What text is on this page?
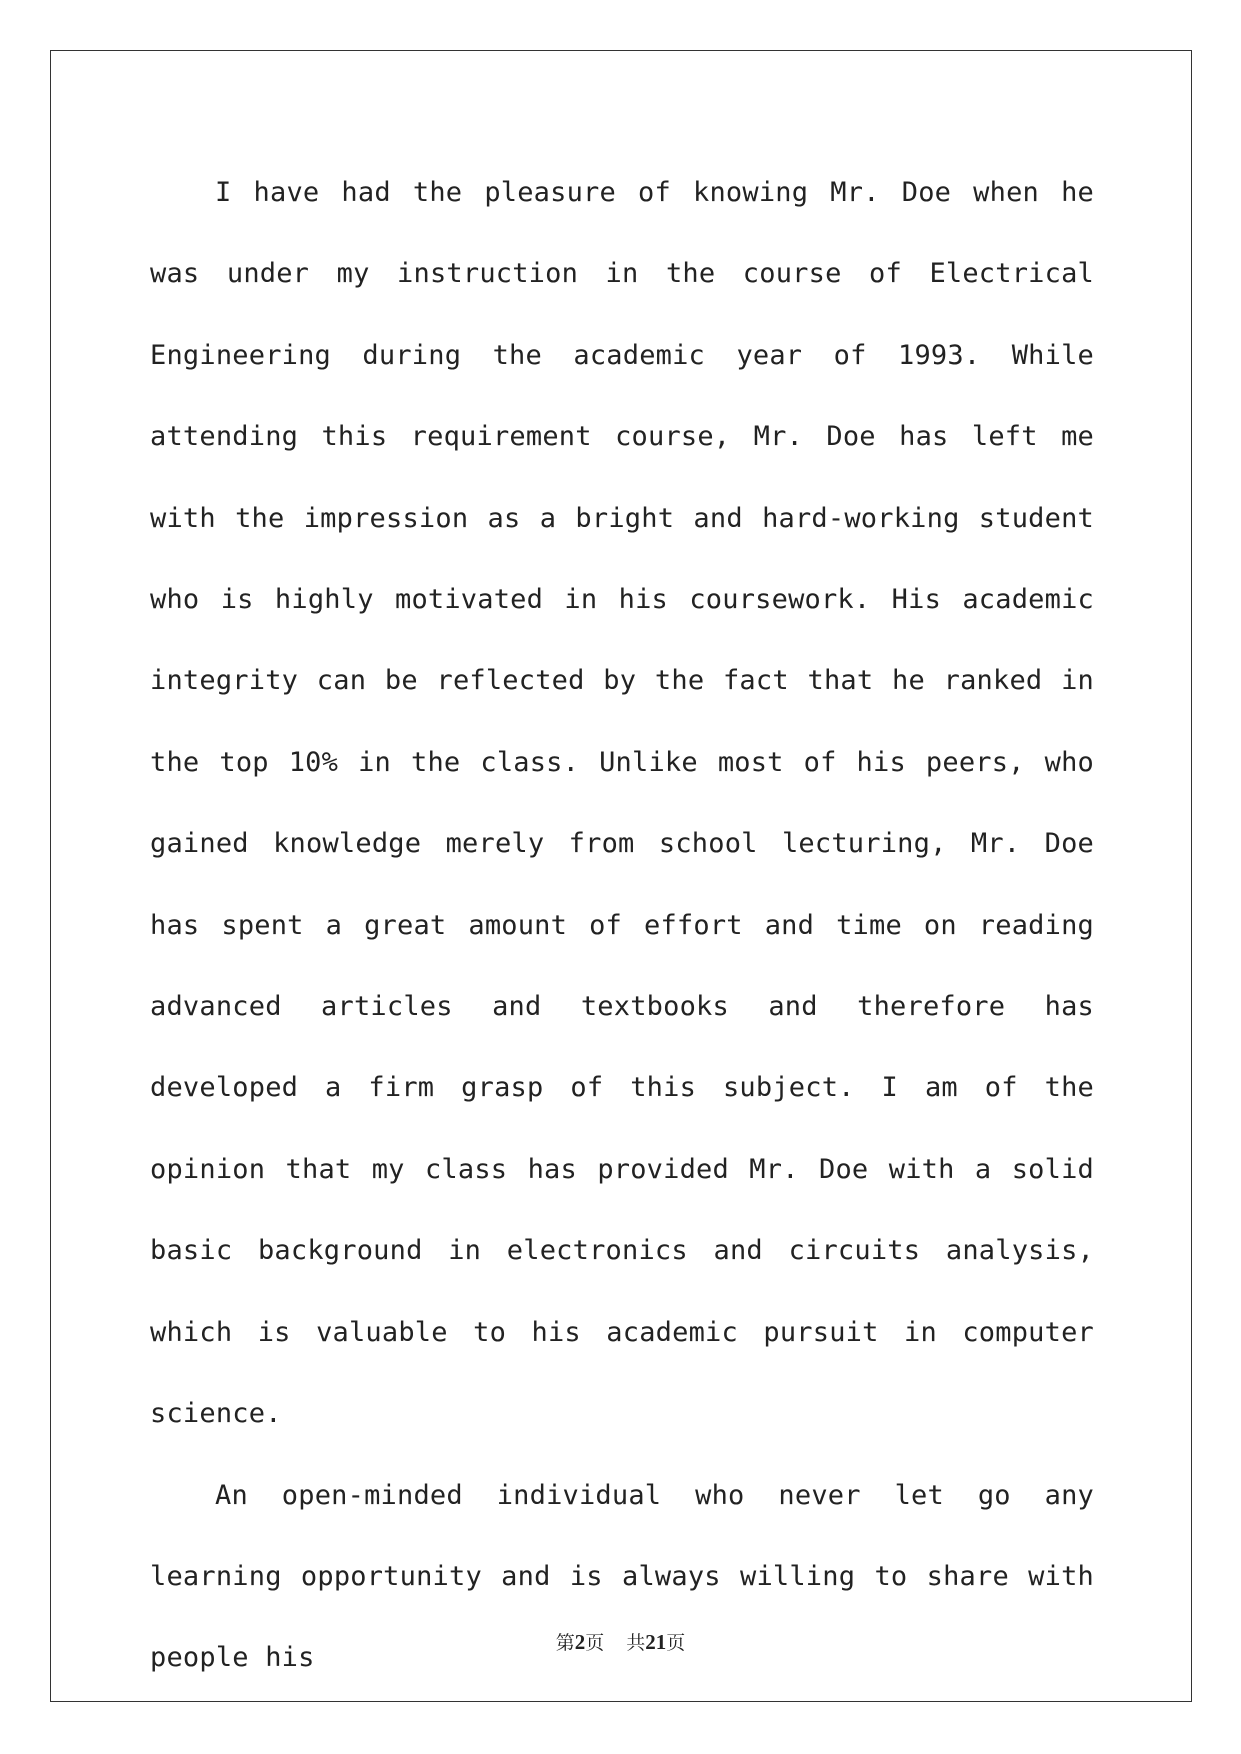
I have had the pleasure of knowing Mr. Doe when he was under my instruction in the course of Electrical Engineering during the academic year of 1993. While attending this requirement course, Mr. Doe has left me with the impression as a bright and hard-working student who is highly motivated in his coursework. His academic integrity can be reflected by the fact that he ranked in the top 10% in the class. Unlike most of his peers, who gained knowledge merely from school lecturing, Mr. Doe has spent a great amount of effort and time on reading advanced articles and textbooks and therefore has developed a firm grasp of this subject. I am of the opinion that my class has provided Mr. Doe with a solid basic background in electronics and circuits analysis, which is valuable to his academic pursuit in computer science.

An open-minded individual who never let go any learning opportunity and is always willing to share with people his	第2页 共21页
